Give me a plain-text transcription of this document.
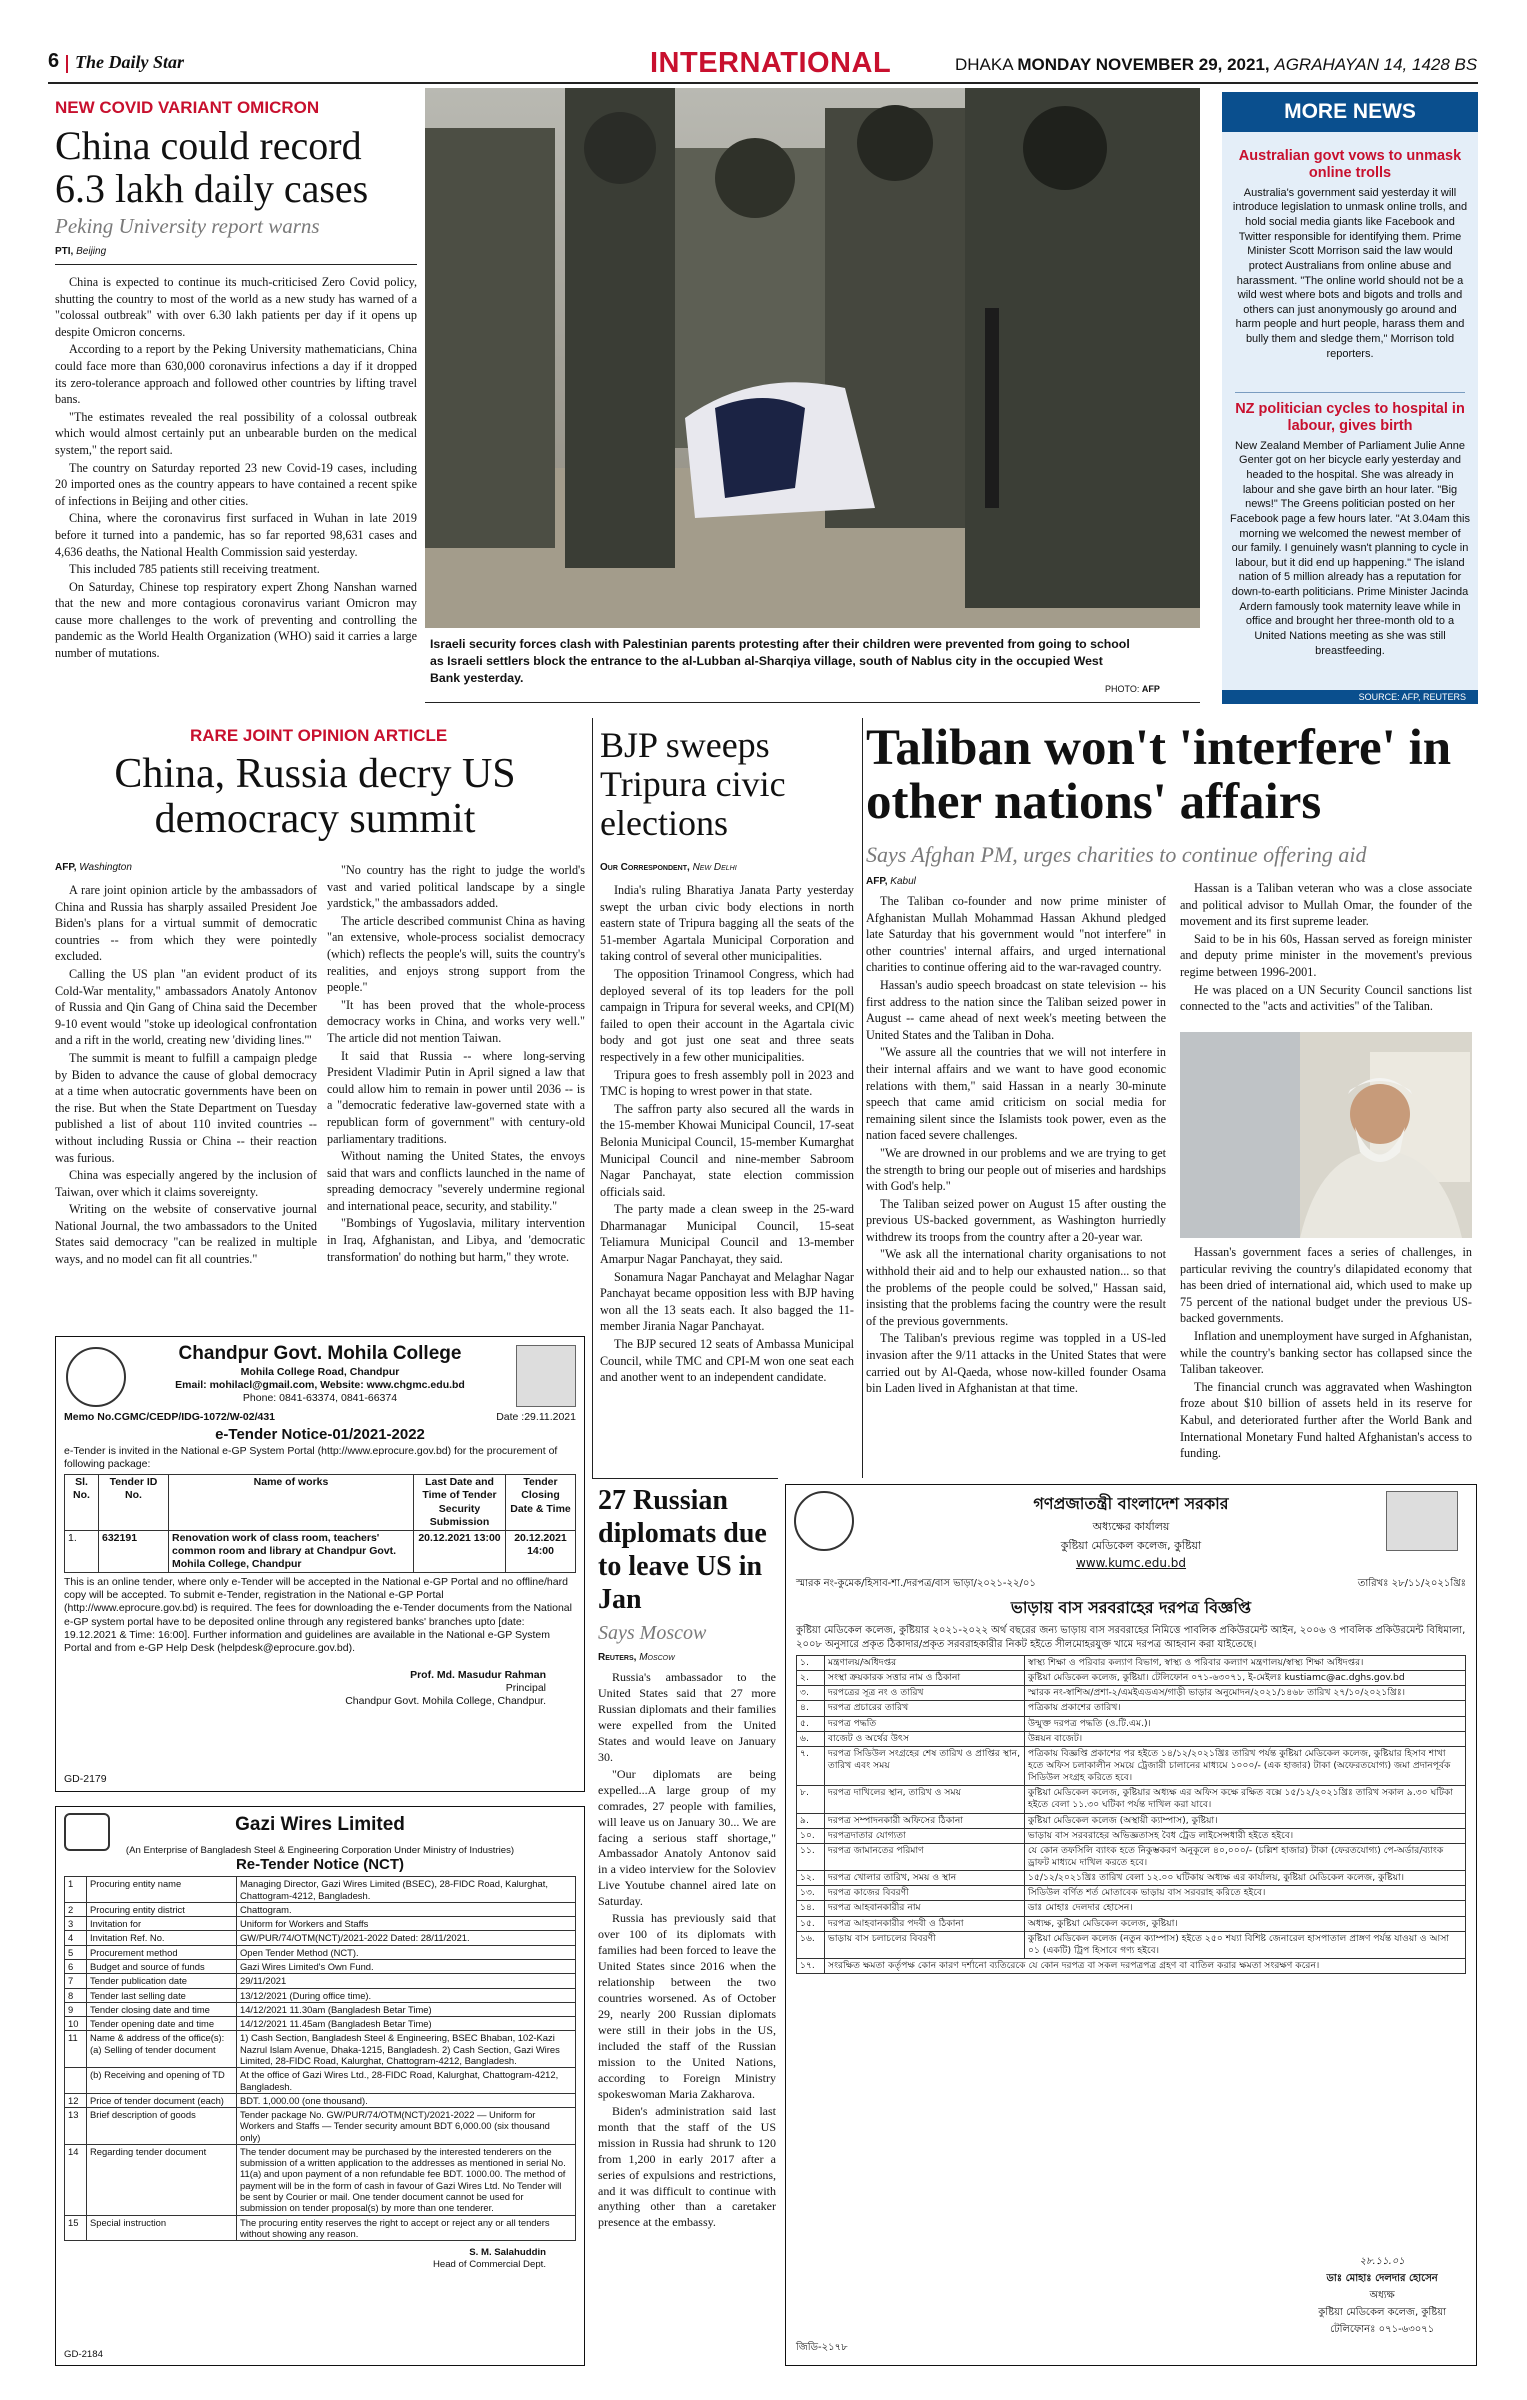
6 The Daily Star	INTERNATIONAL	DHAKA MONDAY NOVEMBER 29, 2021, AGRAHAYAN 14, 1428 BS
NEW COVID VARIANT OMICRON
China could record 6.3 lakh daily cases
Peking University report warns
PTI, Beijing

China is expected to continue its much-criticised Zero Covid policy, shutting the country to most of the world as a new study has warned of a "colossal outbreak" with over 6.30 lakh patients per day if it opens up despite Omicron concerns.

According to a report by the Peking University mathematicians, China could face more than 630,000 coronavirus infections a day if it dropped its zero-tolerance approach and followed other countries by lifting travel bans.

"The estimates revealed the real possibility of a colossal outbreak which would almost certainly put an unbearable burden on the medical system," the report said.

The country on Saturday reported 23 new Covid-19 cases, including 20 imported ones as the country appears to have contained a recent spike of infections in Beijing and other cities.

China, where the coronavirus first surfaced in Wuhan in late 2019 before it turned into a pandemic, has so far reported 98,631 cases and 4,636 deaths, the National Health Commission said yesterday.

This included 785 patients still receiving treatment.

On Saturday, Chinese top respiratory expert Zhong Nanshan warned that the new and more contagious coronavirus variant Omicron may cause more challenges to the work of preventing and controlling the pandemic as the World Health Organization (WHO) said it carries a large number of mutations.

Israeli security forces clash with Palestinian parents protesting after their children were prevented from going to school as Israeli settlers block the entrance to the al-Lubban al-Sharqiya village, south of Nablus city in the occupied West Bank yesterday.
PHOTO: AFP
MORE NEWS
Australian govt vows to unmask online trolls
Australia's government said yesterday it will introduce legislation to unmask online trolls, and hold social media giants like Facebook and Twitter responsible for identifying them. Prime Minister Scott Morrison said the law would protect Australians from online abuse and harassment. "The online world should not be a wild west where bots and bigots and trolls and others can just anonymously go around and harm people and hurt people, harass them and bully them and sledge them," Morrison told reporters.
NZ politician cycles to hospital in labour, gives birth
New Zealand Member of Parliament Julie Anne Genter got on her bicycle early yesterday and headed to the hospital. She was already in labour and she gave birth an hour later. "Big news!" The Greens politician posted on her Facebook page a few hours later. "At 3.04am this morning we welcomed the newest member of our family. I genuinely wasn't planning to cycle in labour, but it did end up happening." The island nation of 5 million already has a reputation for down-to-earth politicians. Prime Minister Jacinda Ardern famously took maternity leave while in office and brought her three-month old to a United Nations meeting as she was still breastfeeding.
SOURCE: AFP, REUTERS
RARE JOINT OPINION ARTICLE
China, Russia decry US democracy summit
AFP, Washington

A rare joint opinion article by the ambassadors of China and Russia has sharply assailed President Joe Biden's plans for a virtual summit of democratic countries -- from which they were pointedly excluded.

Calling the US plan "an evident product of its Cold-War mentality," ambassadors Anatoly Antonov of Russia and Qin Gang of China said the December 9-10 event would "stoke up ideological confrontation and a rift in the world, creating new 'dividing lines.'"

The summit is meant to fulfill a campaign pledge by Biden to advance the cause of global democracy at a time when autocratic governments have been on the rise. But when the State Department on Tuesday published a list of about 110 invited countries -- without including Russia or China -- their reaction was furious.

China was especially angered by the inclusion of Taiwan, over which it claims sovereignty.

Writing on the website of conservative journal National Journal, the two ambassadors to the United States said democracy "can be realized in multiple ways, and no model can fit all countries."

"No country has the right to judge the world's vast and varied political landscape by a single yardstick," the ambassadors added.

The article described communist China as having "an extensive, whole-process socialist democracy (which) reflects the people's will, suits the country's realities, and enjoys strong support from the people."

"It has been proved that the whole-process democracy works in China, and works very well." The article did not mention Taiwan.

It said that Russia -- where long-serving President Vladimir Putin in April signed a law that could allow him to remain in power until 2036 -- is a "democratic federative law-governed state with a republican form of government" with century-old parliamentary traditions.

Without naming the United States, the envoys said that wars and conflicts launched in the name of spreading democracy "severely undermine regional and international peace, security, and stability."

"Bombings of Yugoslavia, military intervention in Iraq, Afghanistan, and Libya, and 'democratic transformation' do nothing but harm," they wrote.

BJP sweeps Tripura civic elections
Our Correspondent, New Delhi

India's ruling Bharatiya Janata Party yesterday swept the urban civic body elections in north eastern state of Tripura bagging all the seats of the 51-member Agartala Municipal Corporation and taking control of several other municipalities.

The opposition Trinamool Congress, which had deployed several of its top leaders for the poll campaign in Tripura for several weeks, and CPI(M) failed to open their account in the Agartala civic body and got just one seat and three seats respectively in a few other municipalities.

Tripura goes to fresh assembly poll in 2023 and TMC is hoping to wrest power in that state.

The saffron party also secured all the wards in the 15-member Khowai Municipal Council, 17-seat Belonia Municipal Council, 15-member Kumarghat Municipal Council and nine-member Sabroom Nagar Panchayat, state election commission officials said.

The party made a clean sweep in the 25-ward Dharmanagar Municipal Council, 15-seat Teliamura Municipal Council and 13-member Amarpur Nagar Panchayat, they said.

Sonamura Nagar Panchayat and Melaghar Nagar Panchayat became opposition less with BJP having won all the 13 seats each. It also bagged the 11-member Jirania Nagar Panchayat.

The BJP secured 12 seats of Ambassa Municipal Council, while TMC and CPI-M won one seat each and another went to an independent candidate.

Taliban won't 'interfere' in other nations' affairs
Says Afghan PM, urges charities to continue offering aid
AFP, Kabul

The Taliban co-founder and now prime minister of Afghanistan Mullah Mohammad Hassan Akhund pledged late Saturday that his government would "not interfere" in other countries' internal affairs, and urged international charities to continue offering aid to the war-ravaged country.

Hassan's audio speech broadcast on state television -- his first address to the nation since the Taliban seized power in August -- came ahead of next week's meeting between the United States and the Taliban in Doha.

"We assure all the countries that we will not interfere in their internal affairs and we want to have good economic relations with them," said Hassan in a nearly 30-minute speech that came amid criticism on social media for remaining silent since the Islamists took power, even as the nation faced severe challenges.

"We are drowned in our problems and we are trying to get the strength to bring our people out of miseries and hardships with God's help."

The Taliban seized power on August 15 after ousting the previous US-backed government, as Washington hurriedly withdrew its troops from the country after a 20-year war.

"We ask all the international charity organisations to not withhold their aid and to help our exhausted nation... so that the problems of the people could be solved," Hassan said, insisting that the problems facing the country were the result of the previous governments.

The Taliban's previous regime was toppled in a US-led invasion after the 9/11 attacks in the United States that were carried out by Al-Qaeda, whose now-killed founder Osama bin Laden lived in Afghanistan at that time.

Hassan is a Taliban veteran who was a close associate and political advisor to Mullah Omar, the founder of the movement and its first supreme leader.

Said to be in his 60s, Hassan served as foreign minister and deputy prime minister in the movement's previous regime between 1996-2001.

He was placed on a UN Security Council sanctions list connected to the "acts and activities" of the Taliban.

Hassan's government faces a series of challenges, in particular reviving the country's dilapidated economy that has been dried of international aid, which used to make up 75 percent of the national budget under the previous US-backed governments.

Inflation and unemployment have surged in Afghanistan, while the country's banking sector has collapsed since the Taliban takeover.

The financial crunch was aggravated when Washington froze about $10 billion of assets held in its reserve for Kabul, and deteriorated further after the World Bank and International Monetary Fund halted Afghanistan's access to funding.

Chandpur Govt. Mohila College
Mohila College Road, Chandpur
Email: mohilacl@gmail.com, Website: www.chgmc.edu.bd
Phone: 0841-63374, 0841-66374
Memo No.CGMC/CEDP/IDG-1072/W-02/431	Date :29.11.2021
e-Tender Notice-01/2021-2022
e-Tender is invited in the National e-GP System Portal (http://www.eprocure.gov.bd) for the procurement of following package:
Sl. No.	Tender ID No.	Name of works	Last Date and Time of Tender Security Submission	Tender Closing Date & Time
1.	632191	Renovation work of class room, teachers' common room and library at Chandpur Govt. Mohila College, Chandpur	20.12.2021 13:00	20.12.2021 14:00
This is an online tender, where only e-Tender will be accepted in the National e-GP Portal and no offline/hard copy will be accepted. To submit e-Tender, registration in the National e-GP Portal (http://www.eprocure.gov.bd) is required. The fees for downloading the e-Tender documents from the National e-GP system portal have to be deposited online through any registered banks' branches upto [date: 19.12.2021 & Time: 16:00]. Further information and guidelines are available in the National e-GP System Portal and from e-GP Help Desk (helpdesk@eprocure.gov.bd).
Prof. Md. Masudur Rahman
Principal
Chandpur Govt. Mohila College, Chandpur.
GD-2179
Gazi Wires Limited
(An Enterprise of Bangladesh Steel & Engineering Corporation Under Ministry of Industries)
Re-Tender Notice (NCT)
1	Procuring entity name	Managing Director, Gazi Wires Limited (BSEC), 28-FIDC Road, Kalurghat, Chattogram-4212, Bangladesh.
2	Procuring entity district	Chattogram.
3	Invitation for	Uniform for Workers and Staffs
4	Invitation Ref. No.	GW/PUR/74/OTM(NCT)/2021-2022 Dated: 28/11/2021.
5	Procurement method	Open Tender Method (NCT).
6	Budget and source of funds	Gazi Wires Limited's Own Fund.
7	Tender publication date	29/11/2021
8	Tender last selling date	13/12/2021 (During office time).
9	Tender closing date and time	14/12/2021 11.30am (Bangladesh Betar Time)
10	Tender opening date and time	14/12/2021 11.45am (Bangladesh Betar Time)
11	Name & address of the office(s): (a) Selling of tender document	1) Cash Section, Bangladesh Steel & Engineering, BSEC Bhaban, 102-Kazi Nazrul Islam Avenue, Dhaka-1215, Bangladesh. 2) Cash Section, Gazi Wires Limited, 28-FIDC Road, Kalurghat, Chattogram-4212, Bangladesh.
	(b) Receiving and opening of TD	At the office of Gazi Wires Ltd., 28-FIDC Road, Kalurghat, Chattogram-4212, Bangladesh.
12	Price of tender document (each)	BDT. 1,000.00 (one thousand).
13	Brief description of goods	Tender package No. GW/PUR/74/OTM(NCT)/2021-2022 — Uniform for Workers and Staffs — Tender security amount BDT 6,000.00 (six thousand only)
14	Regarding tender document	The tender document may be purchased by the interested tenderers on the submission of a written application to the addresses as mentioned in serial No. 11(a) and upon payment of a non refundable fee BDT. 1000.00. The method of payment will be in the form of cash in favour of Gazi Wires Ltd. No Tender will be sent by Courier or mail. One tender document cannot be used for submission on tender proposal(s) by more than one tenderer.
15	Special instruction	The procuring entity reserves the right to accept or reject any or all tenders without showing any reason.
S. M. Salahuddin
Head of Commercial Dept.
GD-2184
27 Russian diplomats due to leave US in Jan
Says Moscow
Reuters, Moscow

Russia's ambassador to the United States said that 27 more Russian diplomats and their families were expelled from the United States and would leave on January 30.

"Our diplomats are being expelled...A large group of my comrades, 27 people with families, will leave us on January 30... We are facing a serious staff shortage," Ambassador Anatoly Antonov said in a video interview for the Soloviev Live Youtube channel aired late on Saturday.

Russia has previously said that over 100 of its diplomats with families had been forced to leave the United States since 2016 when the relationship between the two countries worsened. As of October 29, nearly 200 Russian diplomats were still in their jobs in the US, included the staff of the Russian mission to the United Nations, according to Foreign Ministry spokeswoman Maria Zakharova.

Biden's administration said last month that the staff of the US mission in Russia had shrunk to 120 from 1,200 in early 2017 after a series of expulsions and restrictions, and it was difficult to continue with anything other than a caretaker presence at the embassy.

গণপ্রজাতন্ত্রী বাংলাদেশ সরকার
অধ্যক্ষের কার্যালয়
কুষ্টিয়া মেডিকেল কলেজ, কুষ্টিয়া
www.kumc.edu.bd
স্মারক নং-কুমেক/হিসাব-শা./দরপত্র/বাস ভাড়া/২০২১-২২/০১	তারিখঃ ২৮/১১/২০২১খ্রিঃ
ভাড়ায় বাস সরবরাহের দরপত্র বিজ্ঞপ্তি
কুষ্টিয়া মেডিকেল কলেজ, কুষ্টিয়ার ২০২১-২০২২ অর্থ বছরের জন্য ভাড়ায় বাস সরবরাহের নিমিত্তে পাবলিক প্রকিউরমেন্ট আইন, ২০০৬ ও পাবলিক প্রকিউরমেন্ট বিধিমালা, ২০০৮ অনুসারে প্রকৃত ঠিকাদার/প্রকৃত সরবরাহকারীর নিকট হইতে সীলমোহরযুক্ত খামে দরপত্র আহবান করা যাইতেছে।
১.	মন্ত্রণালয়/অধিদপ্তর	স্বাস্থ্য শিক্ষা ও পরিবার কল্যাণ বিভাগ, স্বাস্থ্য ও পরিবার কল্যাণ মন্ত্রণালয়/স্বাস্থ্য শিক্ষা অধিদপ্তর।
২.	সংস্থা ক্রয়কারক সত্তার নাম ও ঠিকানা	কুষ্টিয়া মেডিকেল কলেজ, কুষ্টিয়া। টেলিফোন ০৭১-৬৩০৭১, ই-মেইলঃ kustiamc@ac.dghs.gov.bd
৩.	দরপত্রের সূত্র নং ও তারিখ	স্মারক নং-স্বাশিঅ/প্রশা-২/এমইএডএস/গাড়ী ভাড়ার অনুমোদন/২০২১/১৪৬৮ তারিখ ২৭/১০/২০২১খ্রিঃ।
৪.	দরপত্র প্রচারের তারিখ	পত্রিকায় প্রকাশের তারিখ।
৫.	দরপত্র পদ্ধতি	উন্মুক্ত দরপত্র পদ্ধতি (ও.টি.এম.)।
৬.	বাজেট ও অর্থের উৎস	উন্নয়ন বাজেট।
৭.	দরপত্র সিডিউল সংগ্রহের শেষ তারিখ ও প্রাপ্তির স্থান, তারিখ এবং সময়	পত্রিকায় বিজ্ঞপ্তি প্রকাশের পর হইতে ১৪/১২/২০২১খ্রিঃ তারিখ পর্যন্ত কুষ্টিয়া মেডিকেল কলেজ, কুষ্টিয়ার হিসাব শাখা হতে অফিস চলাকালীন সময়ে ট্রেজারী চালানের মাধ্যমে ১০০০/- (এক হাজার) টাকা (অফেরতযোগ্য) জমা প্রদানপূর্বক সিডিউল সংগ্রহ করিতে হবে।
৮.	দরপত্র দাখিলের স্থান, তারিখ ও সময়	কুষ্টিয়া মেডিকেল কলেজ, কুষ্টিয়ার অধ্যক্ষ এর অফিস কক্ষে রক্ষিত বক্সে ১৫/১২/২০২১খ্রিঃ তারিখ সকাল ৯.৩০ ঘটিকা হইতে বেলা ১১.৩০ ঘটিকা পর্যন্ত দাখিল করা যাবে।
৯.	দরপত্র সম্পাদনকারী অফিসের ঠিকানা	কুষ্টিয়া মেডিকেল কলেজ (অস্থায়ী ক্যাম্পাস), কুষ্টিয়া।
১০.	দরপত্রদাতার যোগ্যতা	ভাড়ায় বাস সরবরাহের অভিজ্ঞতাসহ বৈধ ট্রেড লাইসেন্সধারী হইতে হইবে।
১১.	দরপত্র জামানতের পরিমাণ	যে কোন তফসিলি ব্যাংক হতে নিকুম্ভকরণ অনুকূলে ৪০,০০০/- (চল্লিশ হাজার) টাকা (ফেরতযোগ্য) পে-অর্ডার/ব্যাংক ড্রাফট মাধ্যমে দাখিল করতে হবে।
১২.	দরপত্র খোলার তারিখ, সময় ও স্থান	১৫/১২/২০২১খ্রিঃ তারিখ বেলা ১২.০০ ঘটিকায় অধ্যক্ষ এর কার্যালয়, কুষ্টিয়া মেডিকেল কলেজ, কুষ্টিয়া।
১৩.	দরপত্র কাজের বিবরণী	সিডিউল বর্ণিত শর্ত মোতাবেক ভাড়ায় বাস সরবরাহ করিতে হইবে।
১৪.	দরপত্র আহবানকারীর নাম	ডাঃ মোহাঃ দেলদার হোসেন।
১৫.	দরপত্র আহবানকারীর পদবী ও ঠিকানা	অধ্যক্ষ, কুষ্টিয়া মেডিকেল কলেজ, কুষ্টিয়া।
১৬.	ভাড়ায় বাস চলাচলের বিবরণী	কুষ্টিয়া মেডিকেল কলেজ (নতুন ক্যাম্পাস) হইতে ২৫০ শয্যা বিশিষ্ট জেনারেল হাসপাতাল প্রাঙ্গণ পর্যন্ত যাওয়া ও আসা ০১ (একটি) ট্রিপ হিসাবে গণ্য হইবে।
১৭.	সংরক্ষিত ক্ষমতা কর্তৃপক্ষ কোন কারণ দর্শানো ব্যতিরেকে যে কোন দরপত্র বা সকল দরপত্রপত্র গ্রহণ বা বাতিল করার ক্ষমতা সংরক্ষণ করেন।
২৮.১১.০১
ডাঃ মোহাঃ দেলদার হোসেন
অধ্যক্ষ
কুষ্টিয়া মেডিকেল কলেজ, কুষ্টিয়া
টেলিফোনঃ ০৭১-৬৩০৭১
জিডি-২১৭৮
